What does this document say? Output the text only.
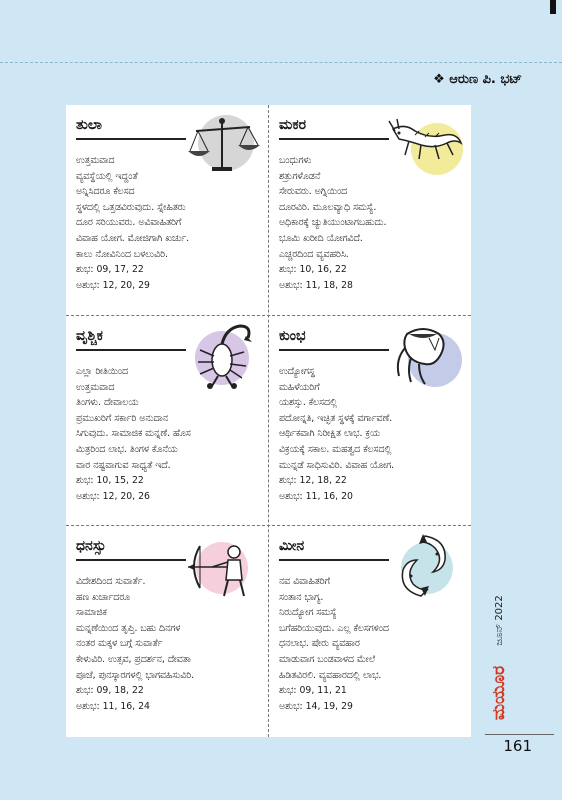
❖ ಆರುಣ ಪಿ. ಭಟ್
ತುಲಾ
ಉತ್ತಮವಾದ
ವ್ಯವಸ್ಥೆಯಲ್ಲಿ ಇದ್ದಂತೆ
ಅನ್ನಿಸಿದರೂ ಕೆಲಸದ
ಸ್ಥಳದಲ್ಲಿ ಒತ್ತಡವಿರುವುದು. ಸ್ನೇಹಿತರು
ದೂರ ಸರಿಯುವರು. ಅವಿವಾಹಿತರಿಗೆ
ವಿವಾಹ ಯೋಗ. ಮೋಜಿಗಾಗಿ ಖರ್ಚು.
ಕಾಲು ನೋವಿನಿಂದ ಬಳಲುವಿರಿ.
ಶುಭ: 09, 17, 22
ಅಶುಭ: 12, 20, 29
ಮಕರ
ಬಂಧುಗಳು
ಶತ್ರುಗಳೊಡನೆ
ಸೇರುವರು. ಅಗ್ನಿಯಿಂದ
ದೂರವಿರಿ. ಮೂಲವ್ಯಾಧಿ ಸಮಸ್ಯೆ.
ಅಧಿಕಾರಕ್ಕೆ ಚ್ಯುತಿಯುಂಟಾಗಬಹುದು.
ಭೂಮಿ ಖರೀದಿ ಯೋಗವಿದೆ.
ಎಚ್ಚರದಿಂದ ವ್ಯವಹರಿಸಿ.
ಶುಭ: 10, 16, 22
ಅಶುಭ: 11, 18, 28
ವೃಶ್ಚಿಕ
ಎಲ್ಲಾ ರೀತಿಯಿಂದ
ಉತ್ತಮವಾದ
ತಿಂಗಳು. ದೇವಾಲಯ
ಪ್ರಮುಖರಿಗೆ ಸರ್ಕಾರಿ ಅನುದಾನ
ಸಿಗುವುದು. ಸಾಮಾಜಿಕ ಮನ್ನಣೆ. ಹೊಸ
ಮಿತ್ರರಿಂದ ಲಾಭ. ತಿಂಗಳ ಕೊನೆಯ
ವಾರ ನಷ್ಟವಾಗುವ ಸಾಧ್ಯತೆ ಇದೆ.
ಶುಭ: 10, 15, 22
ಅಶುಭ: 12, 20, 26
ಕುಂಭ
ಉದ್ಯೋಗಸ್ಥ
ಮಹಿಳೆಯರಿಗೆ
ಯಶಸ್ಸು. ಕೆಲಸದಲ್ಲಿ
ಪದೋನ್ನತಿ, ಇಚ್ಛಿತ ಸ್ಥಳಕ್ಕೆ ವರ್ಗಾವಣೆ.
ಆರ್ಥಿಕವಾಗಿ ನಿರೀಕ್ಷಿತ ಲಾಭ. ಕ್ರಯ
ವಿಕ್ರಯಕ್ಕೆ ಸಕಾಲ. ಮಹತ್ವದ ಕೆಲಸದಲ್ಲಿ
ಮುನ್ನಡೆ ಸಾಧಿಸುವಿರಿ. ವಿವಾಹ ಯೋಗ.
ಶುಭ: 12, 18, 22
ಅಶುಭ: 11, 16, 20
ಧನಸ್ಸು
ವಿದೇಶದಿಂದ ಸುವಾರ್ತೆ.
ಹಣ ಖರ್ಚಾದರೂ
ಸಾಮಾಜಿಕ
ಮನ್ನಣೆಯಿಂದ ತೃಪ್ತಿ. ಬಹು ದಿನಗಳ
ನಂತರ ಮಕ್ಕಳ ಬಗ್ಗೆ ಸುವಾರ್ತೆ
ಕೇಳುವಿರಿ. ಉತ್ಸವ, ಪ್ರದರ್ಶನ, ದೇವತಾ
ಪೂಜೆ, ಪುನಸ್ಕಾರಗಳಲ್ಲಿ ಭಾಗವಹಿಸುವಿರಿ.
ಶುಭ: 09, 18, 22
ಅಶುಭ: 11, 16, 24
ಮೀನ
ನವ ವಿವಾಹಿತರಿಗೆ
ಸಂತಾನ ಭಾಗ್ಯ.
ನಿರುದ್ಯೋಗ ಸಮಸ್ಯೆ
ಬಗೆಹರಿಯುವುದು. ಎಲ್ಲ ಕೆಲಸಗಳಿಂದ
ಧನಲಾಭ. ಷೇರು ವ್ಯವಹಾರ
ಮಾಡುವಾಗ ಬಂಡವಾಳದ ಮೇಲೆ
ಹಿಡಿತವಿರಲಿ. ವ್ಯವಹಾರದಲ್ಲಿ ಲಾಭ.
ಶುಭ: 09, 11, 21
ಅಶುಭ: 14, 19, 29
ಜೂನ್ 2022
ಮಯೂರ
161
